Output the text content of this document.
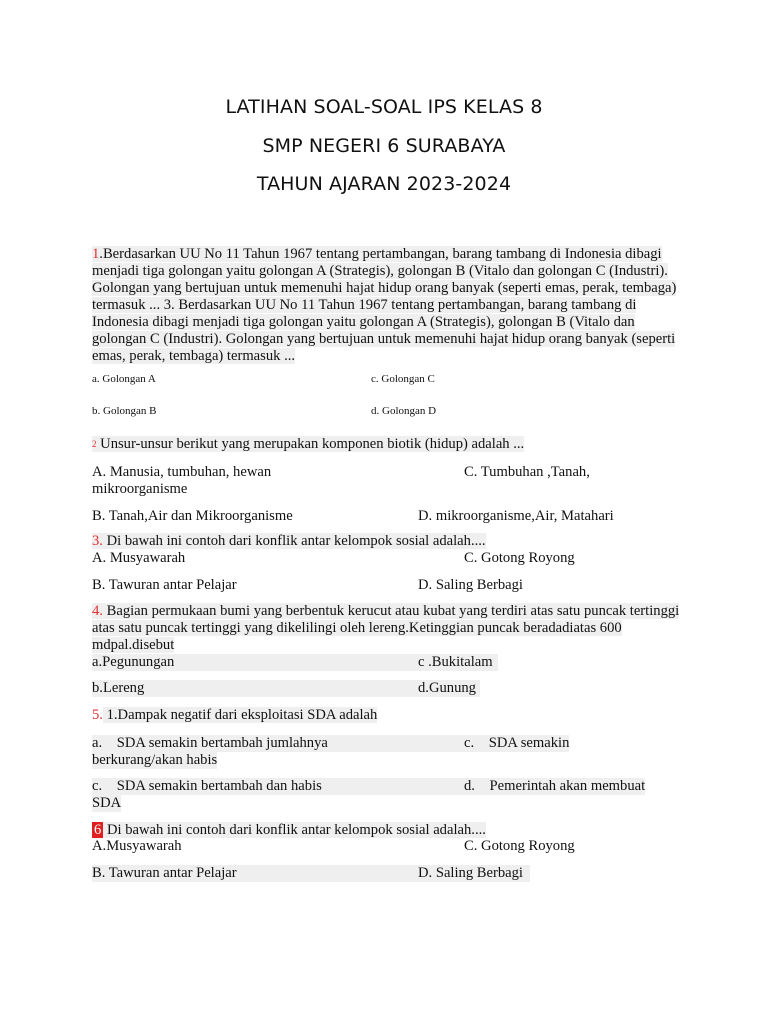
LATIHAN SOAL-SOAL IPS KELAS 8
SMP NEGERI 6 SURABAYA
TAHUN AJARAN 2023-2024
1.Berdasarkan UU No 11 Tahun 1967 tentang pertambangan, barang tambang di Indonesia dibagi menjadi tiga golongan yaitu golongan A (Strategis), golongan B (Vitalo dan golongan C (Industri). Golongan yang bertujuan untuk memenuhi hajat hidup orang banyak (seperti emas, perak, tembaga) termasuk ... 3. Berdasarkan UU No 11 Tahun 1967 tentang pertambangan, barang tambang di Indonesia dibagi menjadi tiga golongan yaitu golongan A (Strategis), golongan B (Vitalo dan golongan C (Industri). Golongan yang bertujuan untuk memenuhi hajat hidup orang banyak (seperti emas, perak, tembaga) termasuk ...
a. Golongan A	c. Golongan C
b. Golongan B	d. Golongan D
$^2$ Unsur-unsur berikut yang merupakan komponen biotik (hidup) adalah ...
A. Manusia, tumbuhan, hewan	C. Tumbuhan ,Tanah,
mikroorganisme
B. Tanah,Air dan Mikroorganisme	D. mikroorganisme,Air, Matahari
3. Di bawah ini contoh dari konflik antar kelompok sosial adalah....
A. Musyawarah	C. Gotong Royong
B. Tawuran antar Pelajar	D. Saling Berbagi
4. Bagian permukaan bumi yang berbentuk kerucut atau kubat yang terdiri atas satu puncak tertinggi atas satu puncak tertinggi yang dikelilingi oleh lereng.Ketinggian puncak beradadiatas 600 mdpal.disebut
a.Pegunungan	c .Bukitalam
b.Lereng	d.Gunung
5. 1.Dampak negatif dari eksploitasi SDA adalah
a.    SDA semakin bertambah jumlahnya	c.    SDA semakin
berkurang/akan habis
c.    SDA semakin bertambah dan habis	d.    Pemerintah akan membuat
SDA
6 Di bawah ini contoh dari konflik antar kelompok sosial adalah....
A.Musyawarah	C. Gotong Royong
B. Tawuran antar Pelajar	D. Saling Berbagi
